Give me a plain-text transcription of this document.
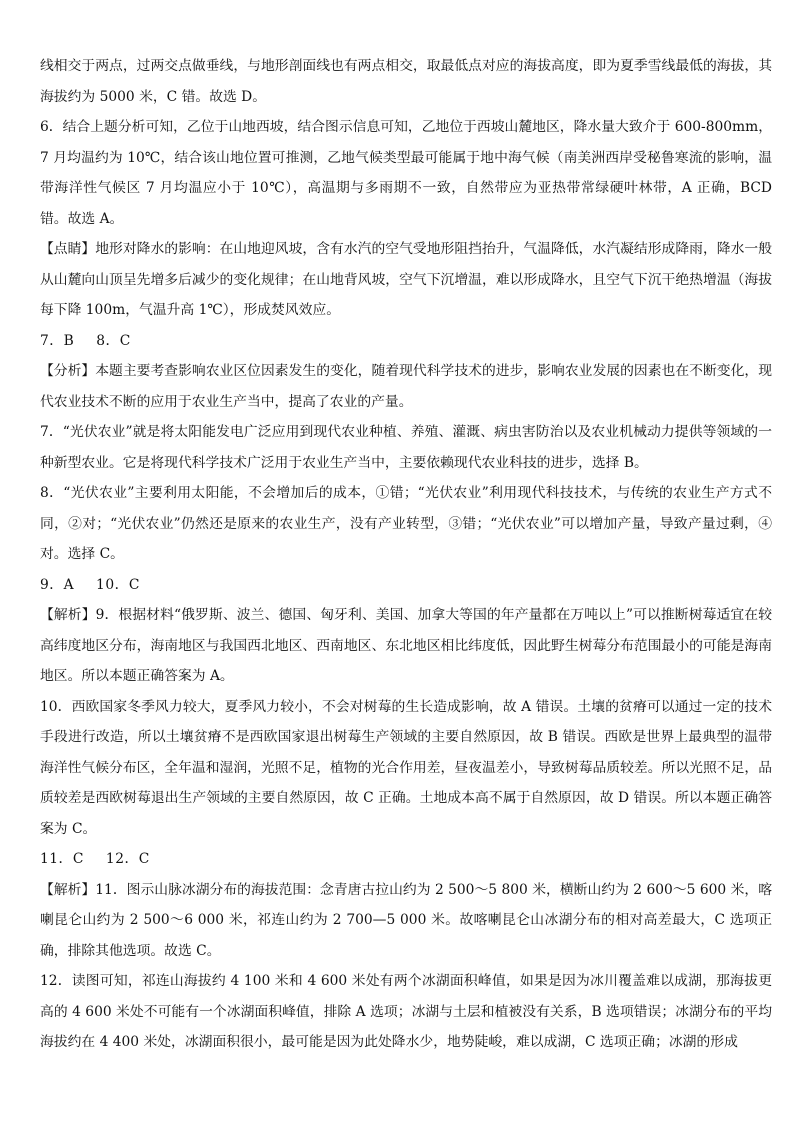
线相交于两点，过两交点做垂线，与地形剖面线也有两点相交，取最低点对应的海拔高度，即为夏季雪线最低的海拔，其海拔约为 5000 米，C 错。故选 D。

6．结合上题分析可知，乙位于山地西坡，结合图示信息可知，乙地位于西坡山麓地区，降水量大致介于 600-800mm，7 月均温约为 10℃，结合该山地位置可推测，乙地气候类型最可能属于地中海气候（南美洲西岸受秘鲁寒流的影响，温带海洋性气候区 7 月均温应小于 10℃），高温期与多雨期不一致，自然带应为亚热带常绿硬叶林带，A 正确，BCD 错。故选 A。

【点睛】地形对降水的影响：在山地迎风坡，含有水汽的空气受地形阻挡抬升，气温降低，水汽凝结形成降雨，降水一般从山麓向山顶呈先增多后减少的变化规律；在山地背风坡，空气下沉增温，难以形成降水，且空气下沉干绝热增温（海拔每下降 100m，气温升高 1℃），形成焚风效应。

7．B 8．C

【分析】本题主要考查影响农业区位因素发生的变化，随着现代科学技术的进步，影响农业发展的因素也在不断变化，现代农业技术不断的应用于农业生产当中，提高了农业的产量。

7．“光伏农业”就是将太阳能发电广泛应用到现代农业种植、养殖、灌溉、病虫害防治以及农业机械动力提供等领域的一种新型农业。它是将现代科学技术广泛用于农业生产当中，主要依赖现代农业科技的进步，选择 B。

8．“光伏农业”主要利用太阳能，不会增加后的成本，①错；“光伏农业”利用现代科技技术，与传统的农业生产方式不同，②对；“光伏农业”仍然还是原来的农业生产，没有产业转型，③错；“光伏农业”可以增加产量，导致产量过剩，④对。选择 C。

9．A 10．C

【解析】9．根据材料“俄罗斯、波兰、德国、匈牙利、美国、加拿大等国的年产量都在万吨以上”可以推断树莓适宜在较高纬度地区分布，海南地区与我国西北地区、西南地区、东北地区相比纬度低，因此野生树莓分布范围最小的可能是海南地区。所以本题正确答案为 A。

10．西欧国家冬季风力较大，夏季风力较小，不会对树莓的生长造成影响，故 A 错误。土壤的贫瘠可以通过一定的技术手段进行改造，所以土壤贫瘠不是西欧国家退出树莓生产领域的主要自然原因，故 B 错误。西欧是世界上最典型的温带海洋性气候分布区，全年温和湿润，光照不足，植物的光合作用差，昼夜温差小，导致树莓品质较差。所以光照不足，品质较差是西欧树莓退出生产领域的主要自然原因，故 C 正确。土地成本高不属于自然原因，故 D 错误。所以本题正确答案为 C。

11．C 12．C

【解析】11．图示山脉冰湖分布的海拔范围：念青唐古拉山约为 2 500～5 800 米，横断山约为 2 600～5 600 米，喀喇昆仑山约为 2 500～6 000 米，祁连山约为 2 700—5 000 米。故喀喇昆仑山冰湖分布的相对高差最大，C 选项正确，排除其他选项。故选 C。

12．读图可知，祁连山海拔约 4 100 米和 4 600 米处有两个冰湖面积峰值，如果是因为冰川覆盖难以成湖，那海拔更高的 4 600 米处不可能有一个冰湖面积峰值，排除 A 选项；冰湖与土层和植被没有关系，B 选项错误；冰湖分布的平均海拔约在 4 400 米处，冰湖面积很小，最可能是因为此处降水少，地势陡峻，难以成湖，C 选项正确；冰湖的形成
